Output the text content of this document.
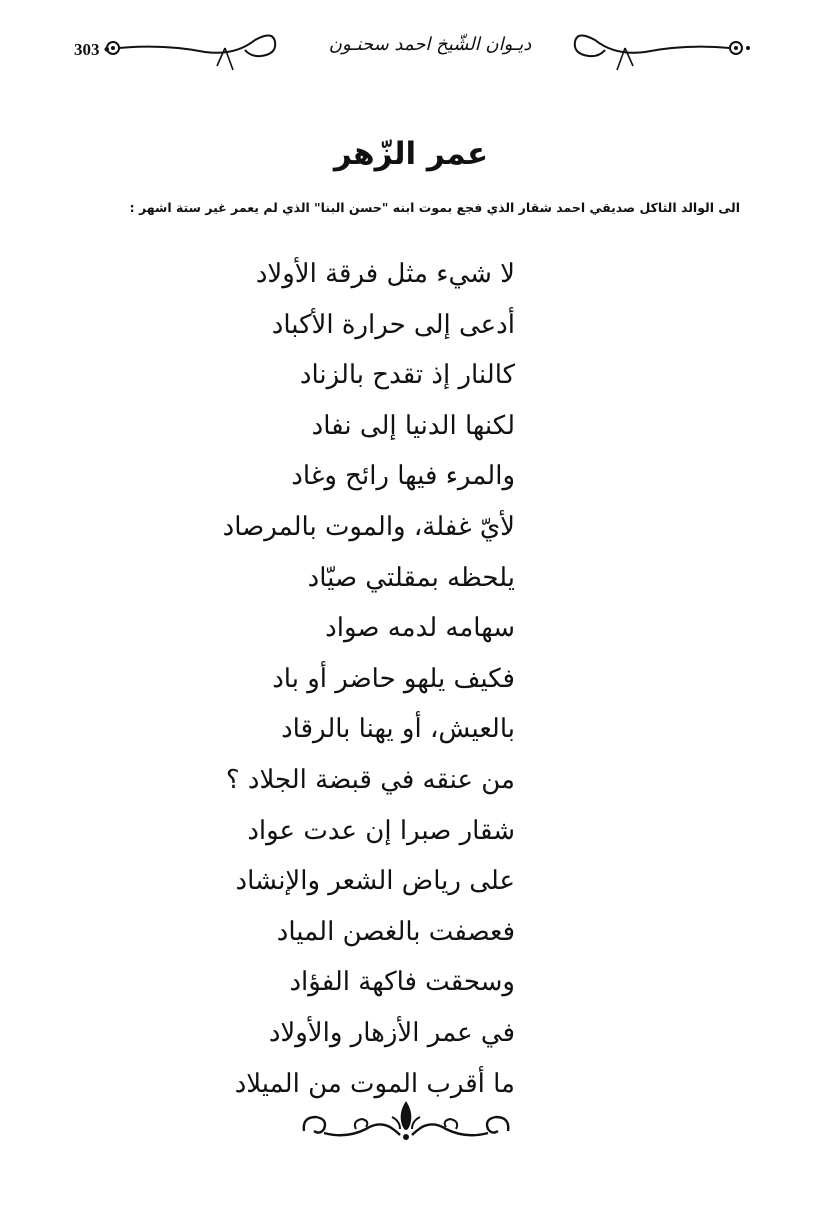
303 •	ديـوان الشّيخ احمد سحنـون
عمر الزّهر

الى الوالد الثاكل صديقي احمد شقار الذي فجع بموت ابنه "حسن البنا" الذي لم يعمر غير ستة اشهر :

لا شيء مثل فرقة الأولاد
أدعى إلى حرارة الأكباد
كالنار إذ تقدح بالزناد
لكنها الدنيا إلى نفاد
والمرء فيها رائح وغاد
لأيّ غفلة، والموت بالمرصاد
يلحظه بمقلتي صيّاد
سهامه لدمه صواد
فكيف يلهو حاضر أو باد
بالعيش، أو يهنا بالرقاد
من عنقه في قبضة الجلاد ؟
شقار صبرا إن عدت عواد
على رياض الشعر والإنشاد
فعصفت بالغصن المياد
وسحقت فاكهة الفؤاد
في عمر الأزهار والأولاد
ما أقرب الموت من الميلاد
